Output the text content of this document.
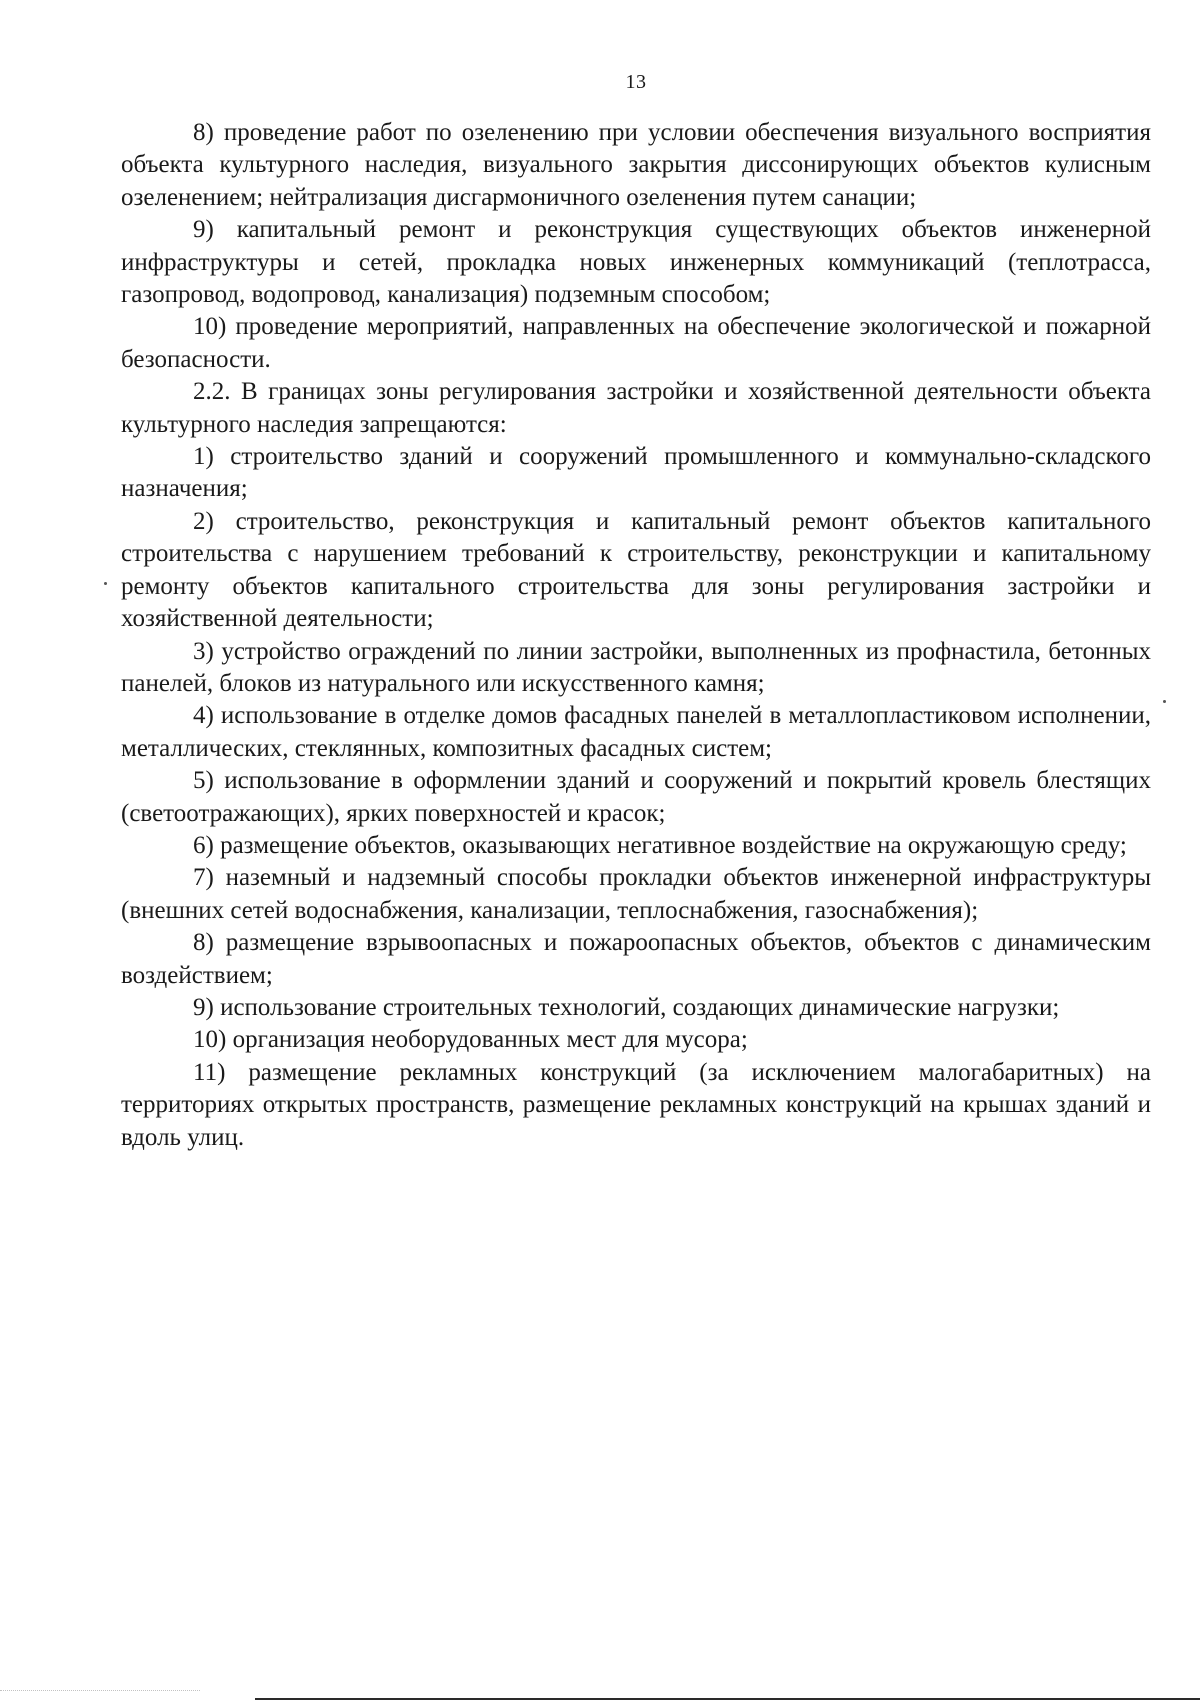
13

8) проведение работ по озеленению при условии обеспечения визуального восприятия объекта культурного наследия, визуального закрытия диссонирующих объектов кулисным озеленением; нейтрализация дисгармоничного озеленения путем санации;

9) капитальный ремонт и реконструкция существующих объектов инженерной инфраструктуры и сетей, прокладка новых инженерных коммуникаций (теплотрасса, газопровод, водопровод, канализация) подземным способом;

10) проведение мероприятий, направленных на обеспечение экологической и пожарной безопасности.

2.2. В границах зоны регулирования застройки и хозяйственной деятельности объекта культурного наследия запрещаются:

1) строительство зданий и сооружений промышленного и коммунально-складского назначения;

2) строительство, реконструкция и капитальный ремонт объектов капитального строительства с нарушением требований к строительству, реконструкции и капитальному ремонту объектов капитального строительства для зоны регулирования застройки и хозяйственной деятельности;

3) устройство ограждений по линии застройки, выполненных из профнастила, бетонных панелей, блоков из натурального или искусственного камня;

4) использование в отделке домов фасадных панелей в металлопластиковом исполнении, металлических, стеклянных, композитных фасадных систем;

5) использование в оформлении зданий и сооружений и покрытий кровель блестящих (светоотражающих), ярких поверхностей и красок;

6) размещение объектов, оказывающих негативное воздействие на окружающую среду;

7) наземный и надземный способы прокладки объектов инженерной инфраструктуры (внешних сетей водоснабжения, канализации, теплоснабжения, газоснабжения);

8) размещение взрывоопасных и пожароопасных объектов, объектов с динамическим воздействием;

9) использование строительных технологий, создающих динамические нагрузки;

10) организация необорудованных мест для мусора;

11) размещение рекламных конструкций (за исключением малогабаритных) на территориях открытых пространств, размещение рекламных конструкций на крышах зданий и вдоль улиц.
